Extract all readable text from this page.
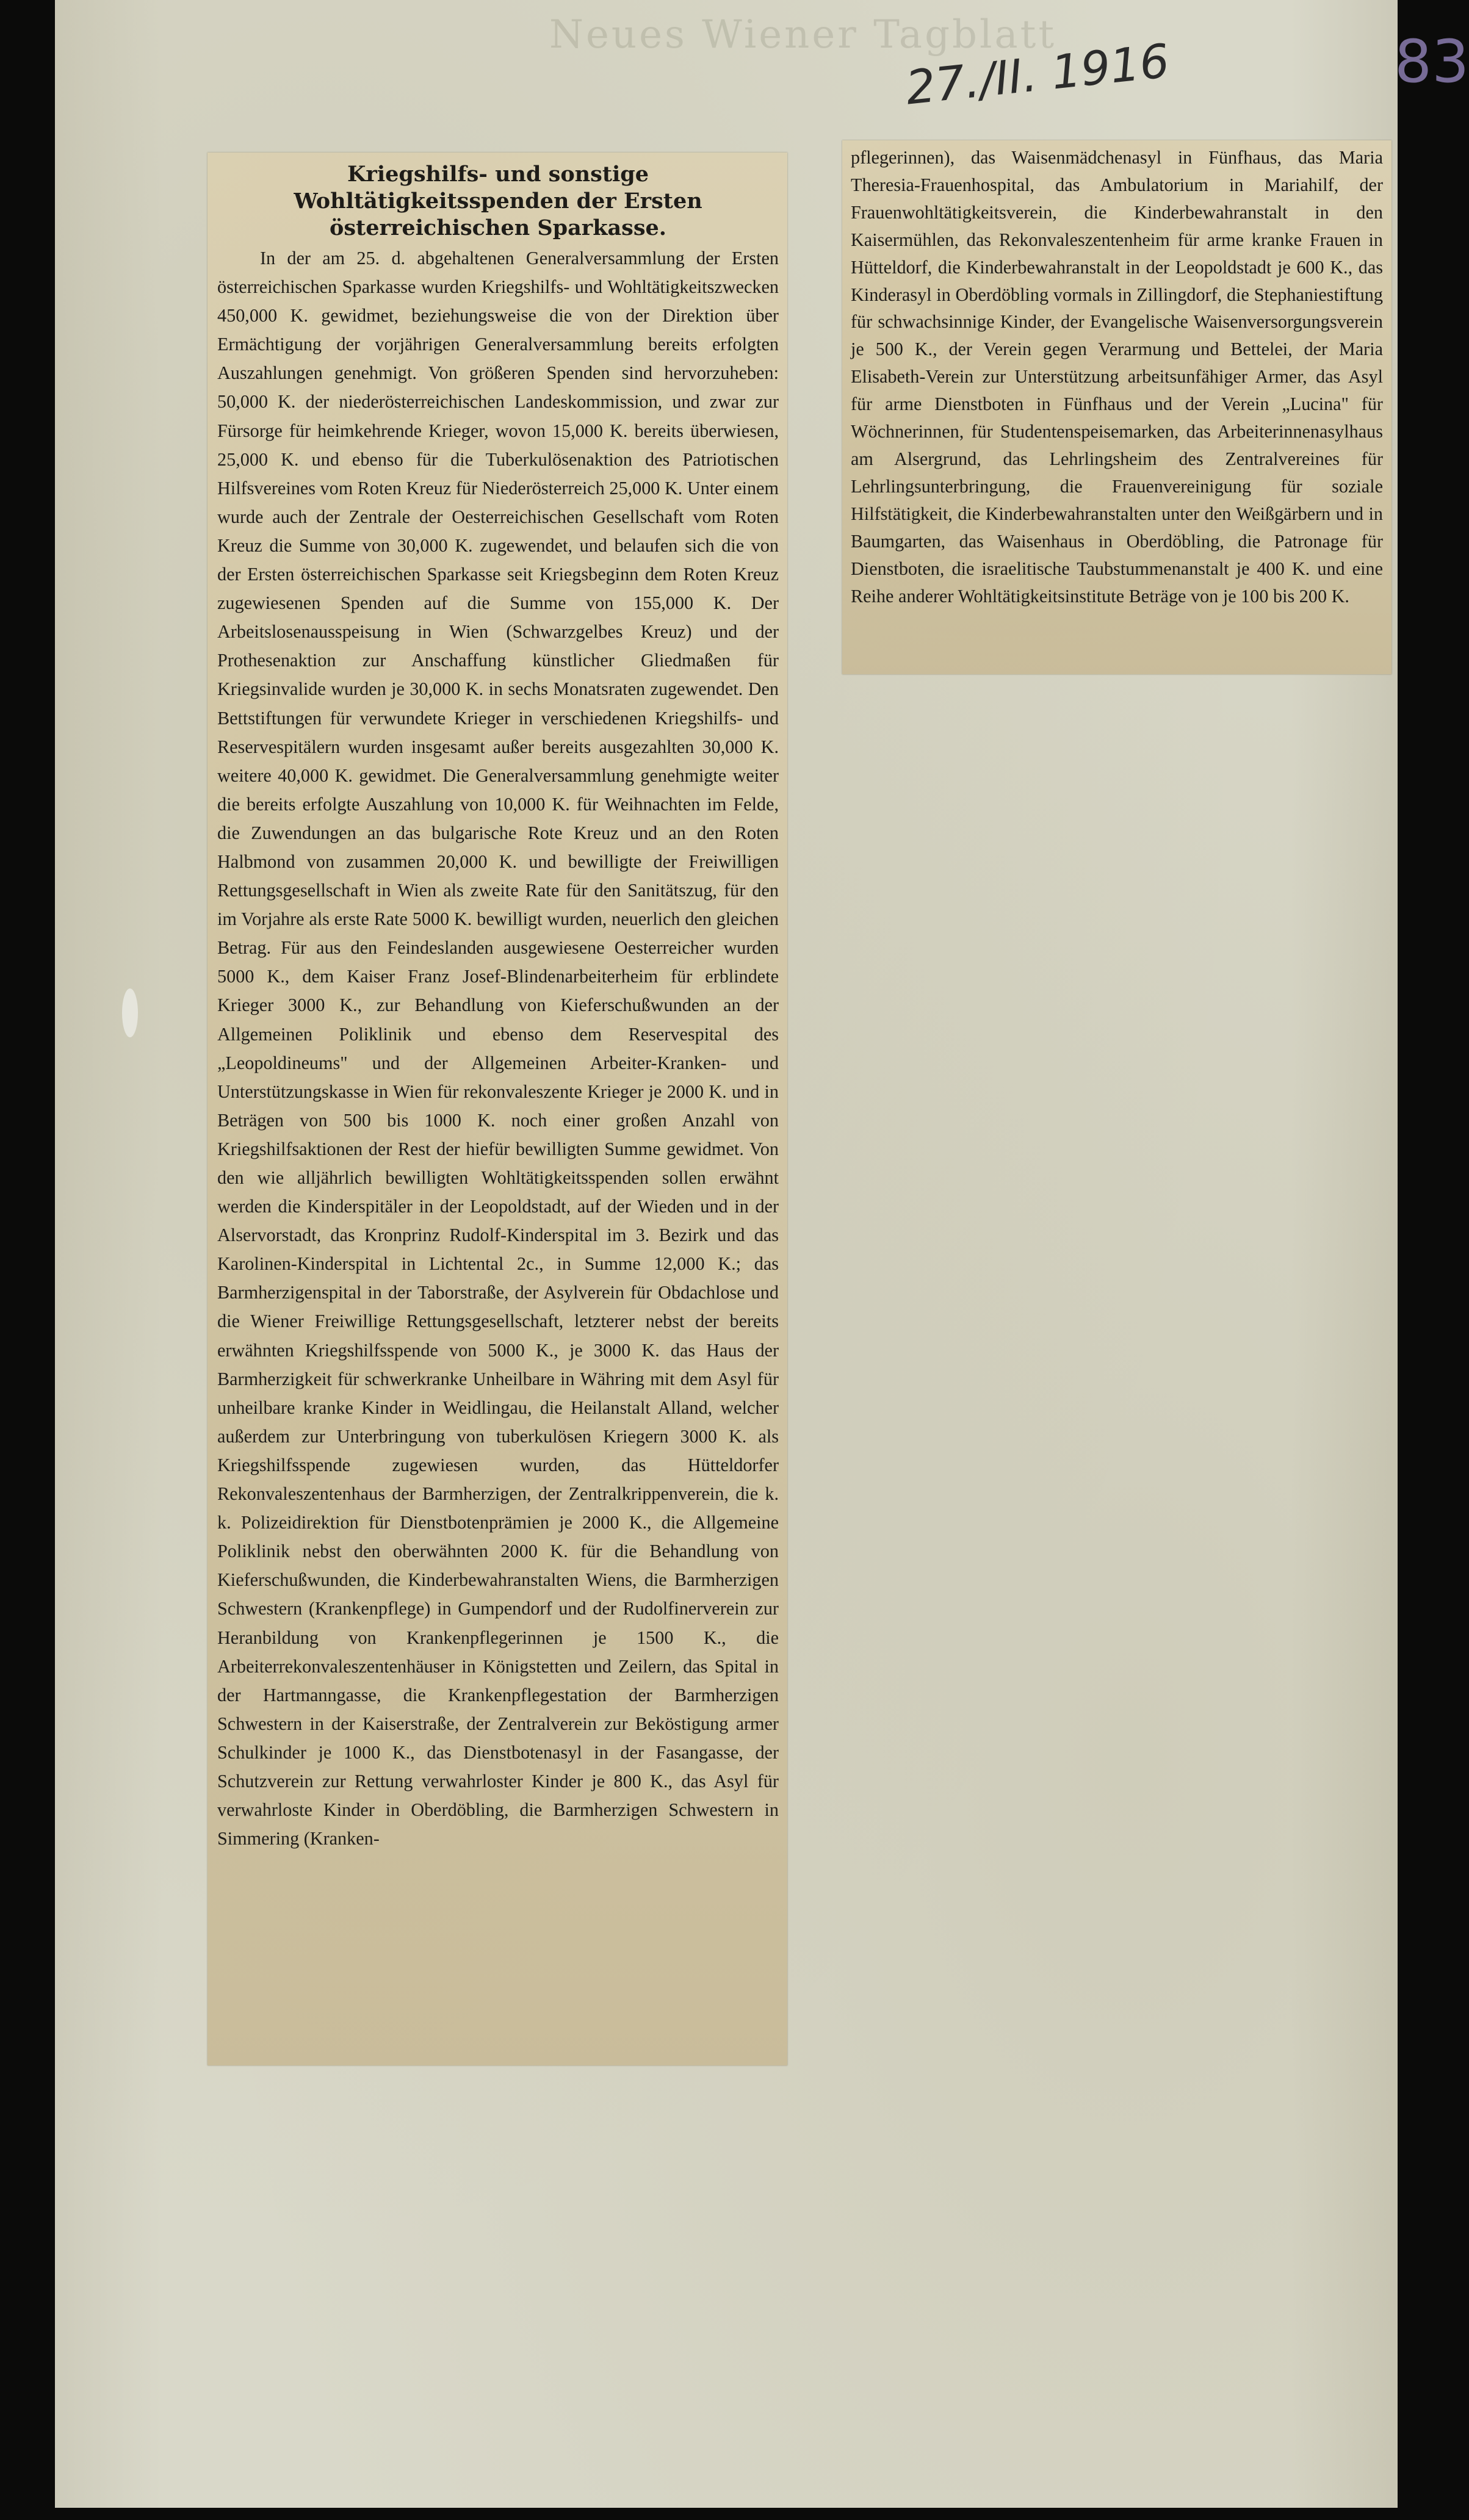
Neues Wiener Tagblatt
27./II. 1916	83
Kriegshilfs- und sonstige Wohltätigkeitsspenden der Ersten österreichischen Sparkasse.

In der am 25. d. abgehaltenen Generalversammlung der Ersten österreichischen Sparkasse wurden Kriegshilfs- und Wohltätigkeitszwecken 450,000 K. gewidmet, beziehungsweise die von der Direktion über Ermächtigung der vorjährigen Generalversammlung bereits erfolgten Auszahlungen genehmigt. Von größeren Spenden sind hervorzuheben: 50,000 K. der niederösterreichischen Landeskommission, und zwar zur Fürsorge für heimkehrende Krieger, wovon 15,000 K. bereits überwiesen, 25,000 K. und ebenso für die Tuberkulösenaktion des Patriotischen Hilfsvereines vom Roten Kreuz für Niederösterreich 25,000 K. Unter einem wurde auch der Zentrale der Oesterreichischen Gesellschaft vom Roten Kreuz die Summe von 30,000 K. zugewendet, und belaufen sich die von der Ersten österreichischen Sparkasse seit Kriegsbeginn dem Roten Kreuz zugewiesenen Spenden auf die Summe von 155,000 K. Der Arbeitslosenausspeisung in Wien (Schwarzgelbes Kreuz) und der Prothesenaktion zur Anschaffung künstlicher Gliedmaßen für Kriegsinvalide wurden je 30,000 K. in sechs Monatsraten zugewendet. Den Bettstiftungen für verwundete Krieger in verschiedenen Kriegshilfs- und Reservespitälern wurden insgesamt außer bereits ausgezahlten 30,000 K. weitere 40,000 K. gewidmet. Die Generalversammlung genehmigte weiter die bereits erfolgte Auszahlung von 10,000 K. für Weihnachten im Felde, die Zuwendungen an das bulgarische Rote Kreuz und an den Roten Halbmond von zusammen 20,000 K. und bewilligte der Freiwilligen Rettungsgesellschaft in Wien als zweite Rate für den Sanitätszug, für den im Vorjahre als erste Rate 5000 K. bewilligt wurden, neuerlich den gleichen Betrag. Für aus den Feindeslanden ausgewiesene Oesterreicher wurden 5000 K., dem Kaiser Franz Josef-Blindenarbeiterheim für erblindete Krieger 3000 K., zur Behandlung von Kieferschußwunden an der Allgemeinen Poliklinik und ebenso dem Reservespital des „Leopoldineums" und der Allgemeinen Arbeiter-Kranken- und Unterstützungskasse in Wien für rekonvaleszente Krieger je 2000 K. und in Beträgen von 500 bis 1000 K. noch einer großen Anzahl von Kriegshilfsaktionen der Rest der hiefür bewilligten Summe gewidmet. Von den wie alljährlich bewilligten Wohltätigkeitsspenden sollen erwähnt werden die Kinderspitäler in der Leopoldstadt, auf der Wieden und in der Alservorstadt, das Kronprinz Rudolf-Kinderspital im 3. Bezirk und das Karolinen-Kinderspital in Lichtental 2c., in Summe 12,000 K.; das Barmherzigenspital in der Taborstraße, der Asylverein für Obdachlose und die Wiener Freiwillige Rettungsgesellschaft, letzterer nebst der bereits erwähnten Kriegshilfsspende von 5000 K., je 3000 K. das Haus der Barmherzigkeit für schwerkranke Unheilbare in Währing mit dem Asyl für unheilbare kranke Kinder in Weidlingau, die Heilanstalt Alland, welcher außerdem zur Unterbringung von tuberkulösen Kriegern 3000 K. als Kriegshilfsspende zugewiesen wurden, das Hütteldorfer Rekonvaleszentenhaus der Barmherzigen, der Zentralkrippenverein, die k. k. Polizeidirektion für Dienstbotenprämien je 2000 K., die Allgemeine Poliklinik nebst den oberwähnten 2000 K. für die Behandlung von Kieferschußwunden, die Kinderbewahranstalten Wiens, die Barmherzigen Schwestern (Krankenpflege) in Gumpendorf und der Rudolfinerverein zur Heranbildung von Krankenpflegerinnen je 1500 K., die Arbeiterrekonvaleszentenhäuser in Königstetten und Zeilern, das Spital in der Hartmanngasse, die Krankenpflegestation der Barmherzigen Schwestern in der Kaiserstraße, der Zentralverein zur Beköstigung armer Schulkinder je 1000 K., das Dienstbotenasyl in der Fasangasse, der Schutzverein zur Rettung verwahrloster Kinder je 800 K., das Asyl für verwahrloste Kinder in Oberdöbling, die Barmherzigen Schwestern in Simmering (Kranken-

pflegerinnen), das Waisenmädchenasyl in Fünfhaus, das Maria Theresia-Frauenhospital, das Ambulatorium in Mariahilf, der Frauenwohltätigkeitsverein, die Kinderbewahranstalt in den Kaisermühlen, das Rekonvaleszentenheim für arme kranke Frauen in Hütteldorf, die Kinderbewahranstalt in der Leopoldstadt je 600 K., das Kinderasyl in Oberdöbling vormals in Zillingdorf, die Stephaniestiftung für schwachsinnige Kinder, der Evangelische Waisenversorgungsverein je 500 K., der Verein gegen Verarmung und Bettelei, der Maria Elisabeth-Verein zur Unterstützung arbeitsunfähiger Armer, das Asyl für arme Dienstboten in Fünfhaus und der Verein „Lucina" für Wöchnerinnen, für Studentenspeisemarken, das Arbeiterinnenasylhaus am Alsergrund, das Lehrlingsheim des Zentralvereines für Lehrlingsunterbringung, die Frauenvereinigung für soziale Hilfstätigkeit, die Kinderbewahranstalten unter den Weißgärbern und in Baumgarten, das Waisenhaus in Oberdöbling, die Patronage für Dienstboten, die israelitische Taubstummenanstalt je 400 K. und eine Reihe anderer Wohltätigkeitsinstitute Beträge von je 100 bis 200 K.
